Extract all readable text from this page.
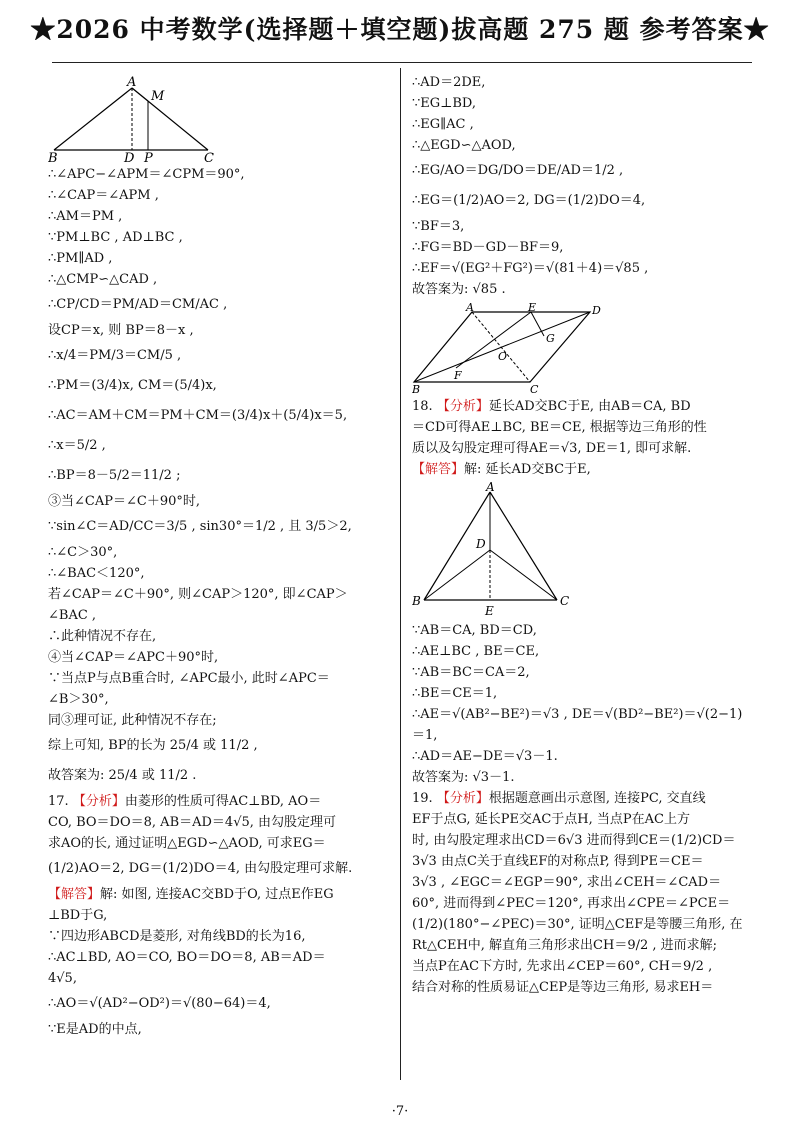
★2026 中考数学(选择题＋填空题)拔高题 275 题 参考答案★
A
M
B	D P	C
∴∠APC−∠APM＝∠CPM＝90°,
∴∠CAP＝∠APM ,
∴AM＝PM ,
∵PM⊥BC , AD⊥BC ,
∴PM∥AD ,
∴△CMP∽△CAD ,
∴CP/CD＝PM/AD＝CM/AC ,
设CP＝x, 则 BP＝8－x ,
∴x/4＝PM/3＝CM/5 ,
∴PM＝(3/4)x, CM＝(5/4)x,
∴AC＝AM＋CM＝PM＋CM＝(3/4)x＋(5/4)x＝5,
∴x＝5/2 ,
∴BP＝8－5/2＝11/2 ;
③当∠CAP＝∠C＋90°时,
∵sin∠C＝AD/CC＝3/5 , sin30°＝1/2 , 且 3/5＞2,
∴∠C＞30°,
∴∠BAC＜120°,
若∠CAP＝∠C＋90°, 则∠CAP＞120°, 即∠CAP＞
∠BAC ,
∴此种情况不存在,
④当∠CAP＝∠APC＋90°时,
∵当点P与点B重合时, ∠APC最小, 此时∠APC＝
∠B＞30°,
同③理可证, 此种情况不存在;
综上可知, BP的长为 25/4 或 11/2 ,
故答案为: 25/4 或 11/2 .
17. 【分析】由菱形的性质可得AC⊥BD, AO＝
CO, BO＝DO＝8, AB＝AD＝4√5, 由勾股定理可
求AO的长, 通过证明△EGD∽△AOD, 可求EG＝
(1/2)AO＝2, DG＝(1/2)DO＝4, 由勾股定理可求解.
【解答】解: 如图, 连接AC交BD于O, 过点E作EG
⊥BD于G,
∵四边形ABCD是菱形, 对角线BD的长为16,
∴AC⊥BD, AO＝CO, BO＝DO＝8, AB＝AD＝
4√5,
∴AO＝√(AD²−OD²)＝√(80−64)＝4,
∵E是AD的中点,
∴AD＝2DE,
∵EG⊥BD,
∴EG∥AC ,
∴△EGD∽△AOD,
∴EG/AO＝DG/DO＝DE/AD＝1/2 ,
∴EG＝(1/2)AO＝2, DG＝(1/2)DO＝4,
∵BF＝3,
∴FG＝BD－GD－BF＝9,
∴EF＝√(EG²＋FG²)＝√(81＋4)＝√85 ,
故答案为: √85 .
A	E	D
G
O
F
B	C
18. 【分析】延长AD交BC于E, 由AB＝CA, BD
＝CD可得AE⊥BC, BE＝CE, 根据等边三角形的性
质以及勾股定理可得AE＝√3, DE＝1, 即可求解.
【解答】解: 延长AD交BC于E,
A
D
B
E
C
∵AB＝CA, BD＝CD,
∴AE⊥BC , BE＝CE,
∵AB＝BC＝CA＝2,
∴BE＝CE＝1,
∴AE＝√(AB²−BE²)＝√3 , DE＝√(BD²−BE²)＝√(2−1)
＝1,
∴AD＝AE−DE＝√3－1.
故答案为: √3－1.
19. 【分析】根据题意画出示意图, 连接PC, 交直线
EF于点G, 延长PE交AC于点H, 当点P在AC上方
时, 由勾股定理求出CD＝6√3 进而得到CE＝(1/2)CD＝
3√3 由点C关于直线EF的对称点P, 得到PE＝CE＝
3√3 , ∠EGC＝∠EGP＝90°, 求出∠CEH＝∠CAD＝
60°, 进而得到∠PEC＝120°, 再求出∠CPE＝∠PCE＝
(1/2)(180°−∠PEC)＝30°, 证明△CEF是等腰三角形, 在
Rt△CEH中, 解直角三角形求出CH＝9/2 , 进而求解;
当点P在AC下方时, 先求出∠CEP＝60°, CH＝9/2 ,
结合对称的性质易证△CEP是等边三角形, 易求EH＝
·7·
